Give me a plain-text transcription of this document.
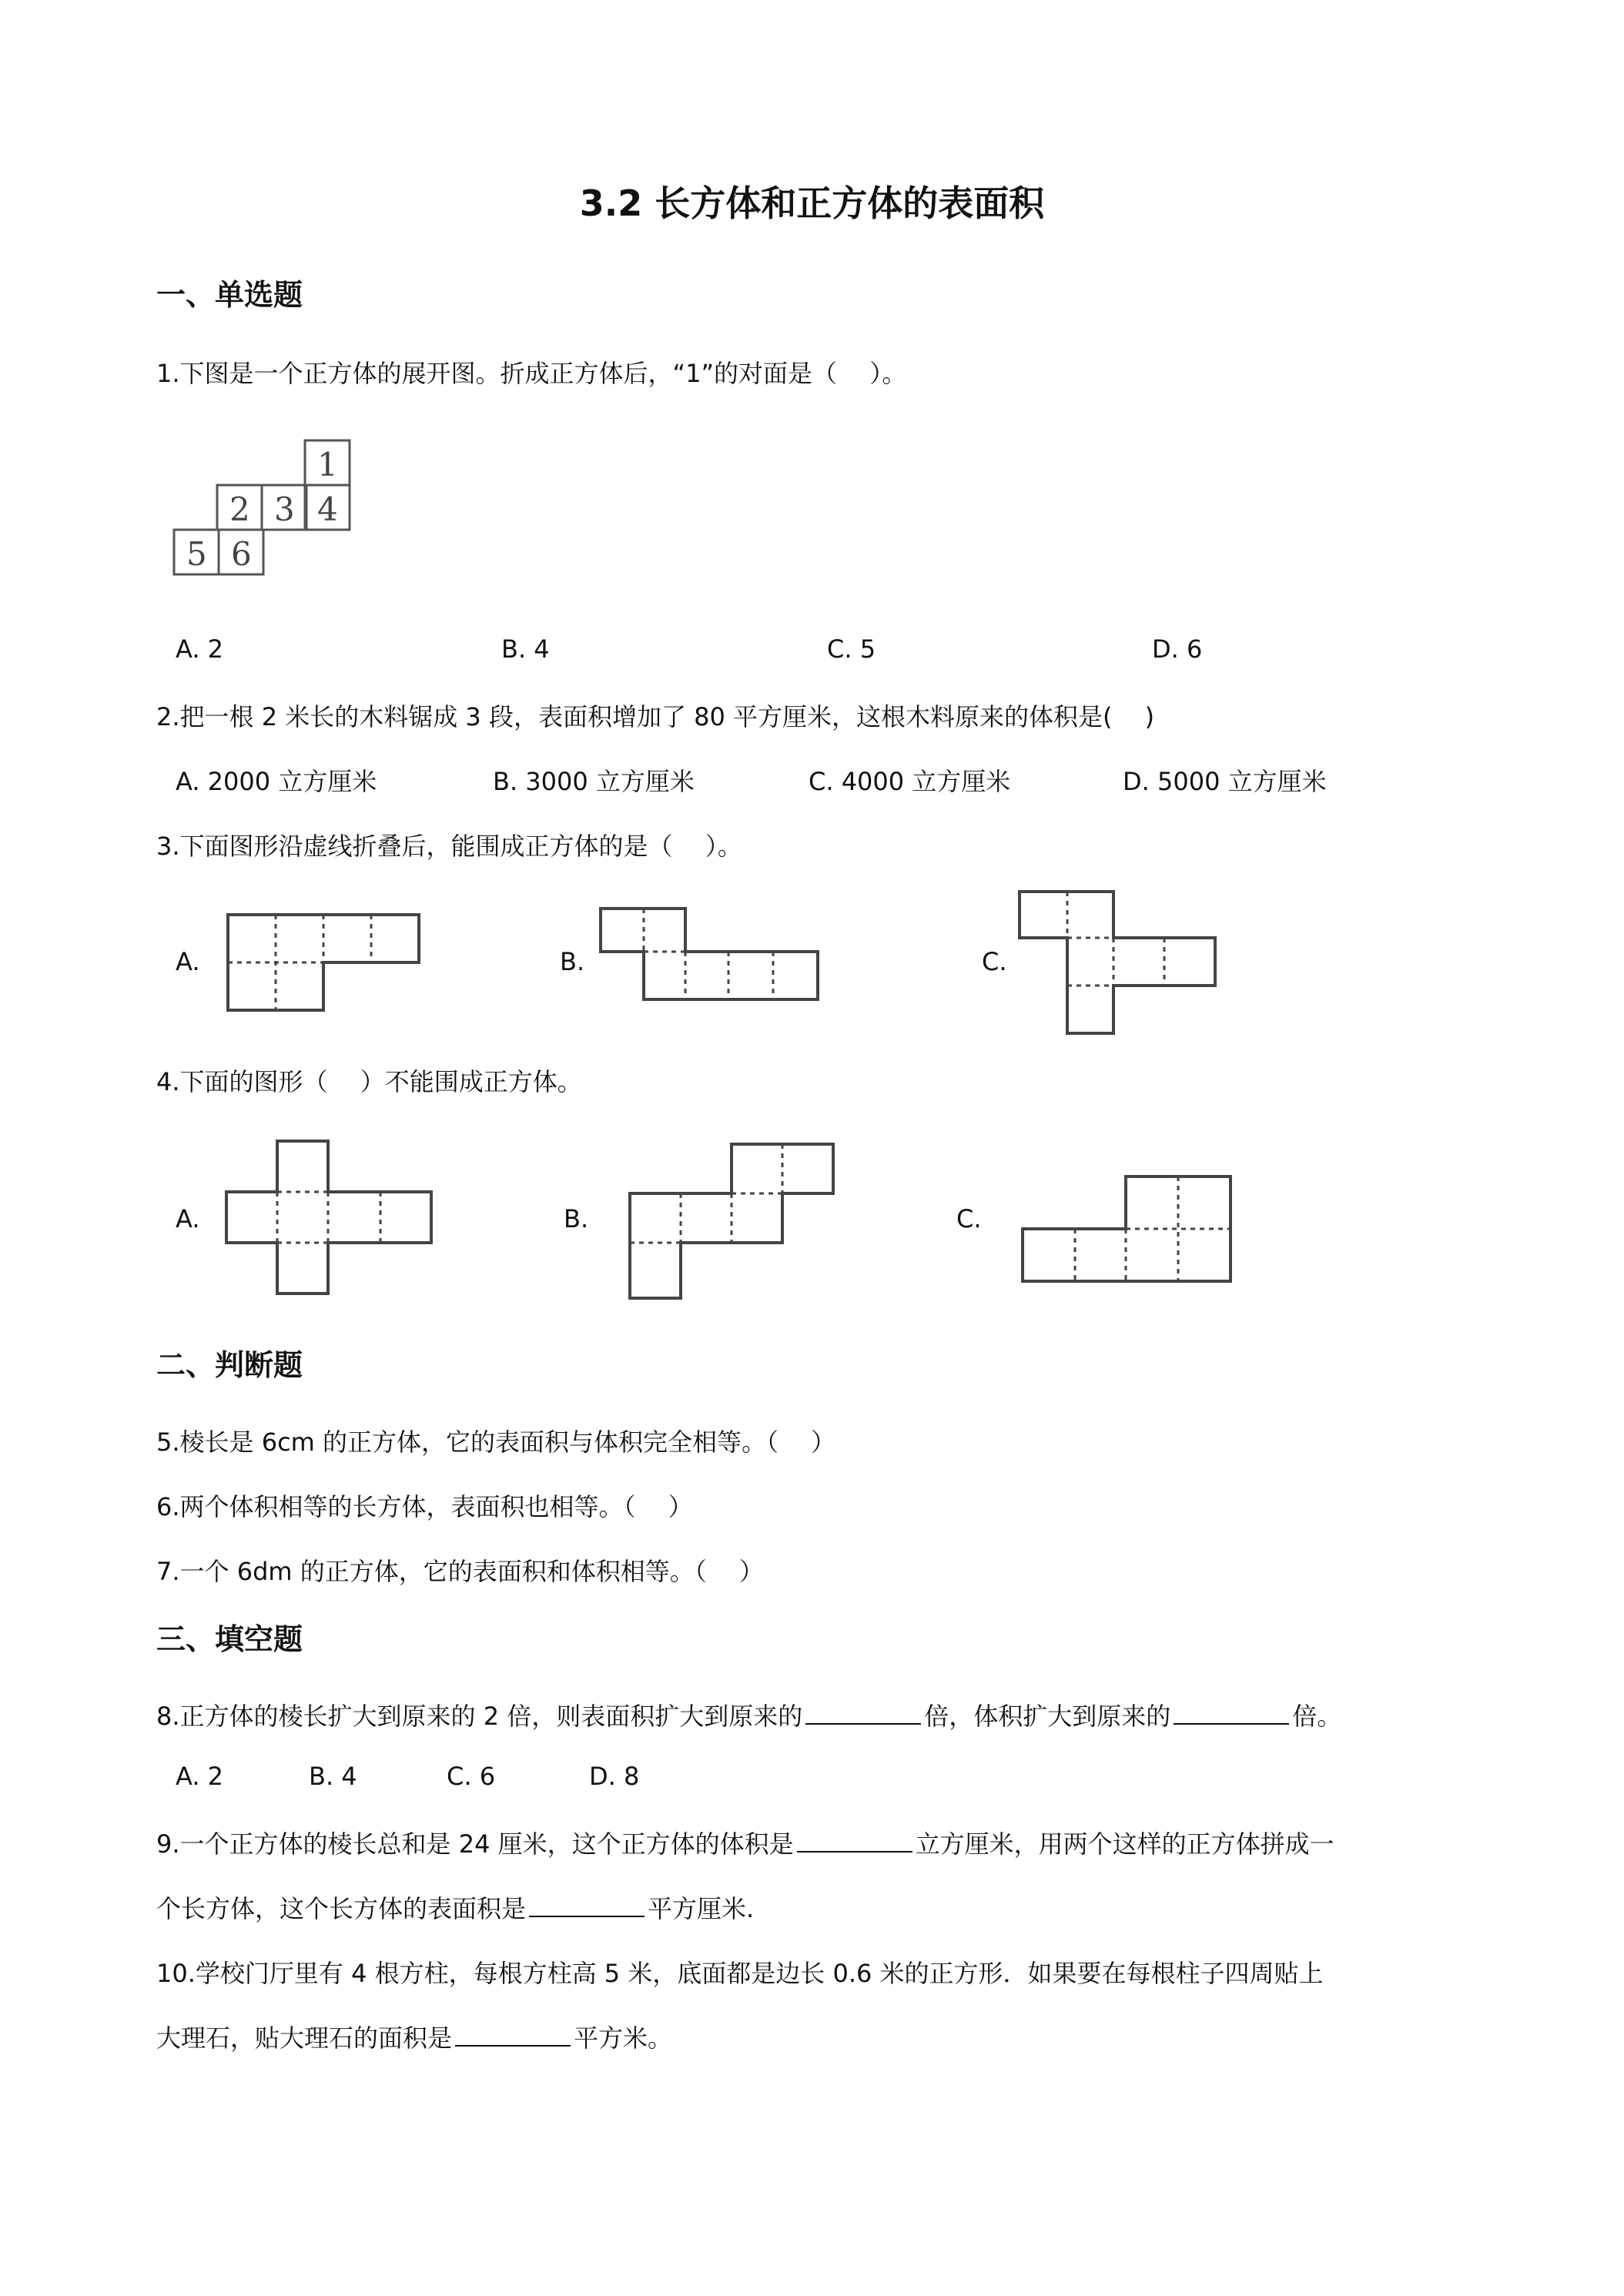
3.2 长方体和正方体的表面积
一、单选题
1.下图是一个正方体的展开图。折成正方体后，“1”的对面是（　 ）。
1
2 3 4
5 6
A. 2	B. 4	C. 5	D. 6
2.把一根 2 米长的木料锯成 3 段，表面积增加了 80 平方厘米，这根木料原来的体积是(　 )
A. 2000 立方厘米	B. 3000 立方厘米	C. 4000 立方厘米	D. 5000 立方厘米
3.下面图形沿虚线折叠后，能围成正方体的是（　 ）。
A.	B.	C.
4.下面的图形（　 ）不能围成正方体。
A.	B.	C.
二、判断题
5.棱长是 6cm 的正方体，它的表面积与体积完全相等。（　 ）
6.两个体积相等的长方体，表面积也相等。（　 ）
7.一个 6dm 的正方体，它的表面积和体积相等。（　 ）
三、填空题
8.正方体的棱长扩大到原来的 2 倍，则表面积扩大到原来的	倍，体积扩大到原来的	倍。
A. 2	B. 4	C. 6	D. 8
9.一个正方体的棱长总和是 24 厘米，这个正方体的体积是	立方厘米，用两个这样的正方体拼成一
个长方体，这个长方体的表面积是	平方厘米.
10.学校门厅里有 4 根方柱，每根方柱高 5 米，底面都是边长 0.6 米的正方形．如果要在每根柱子四周贴上
大理石，贴大理石的面积是	平方米。
